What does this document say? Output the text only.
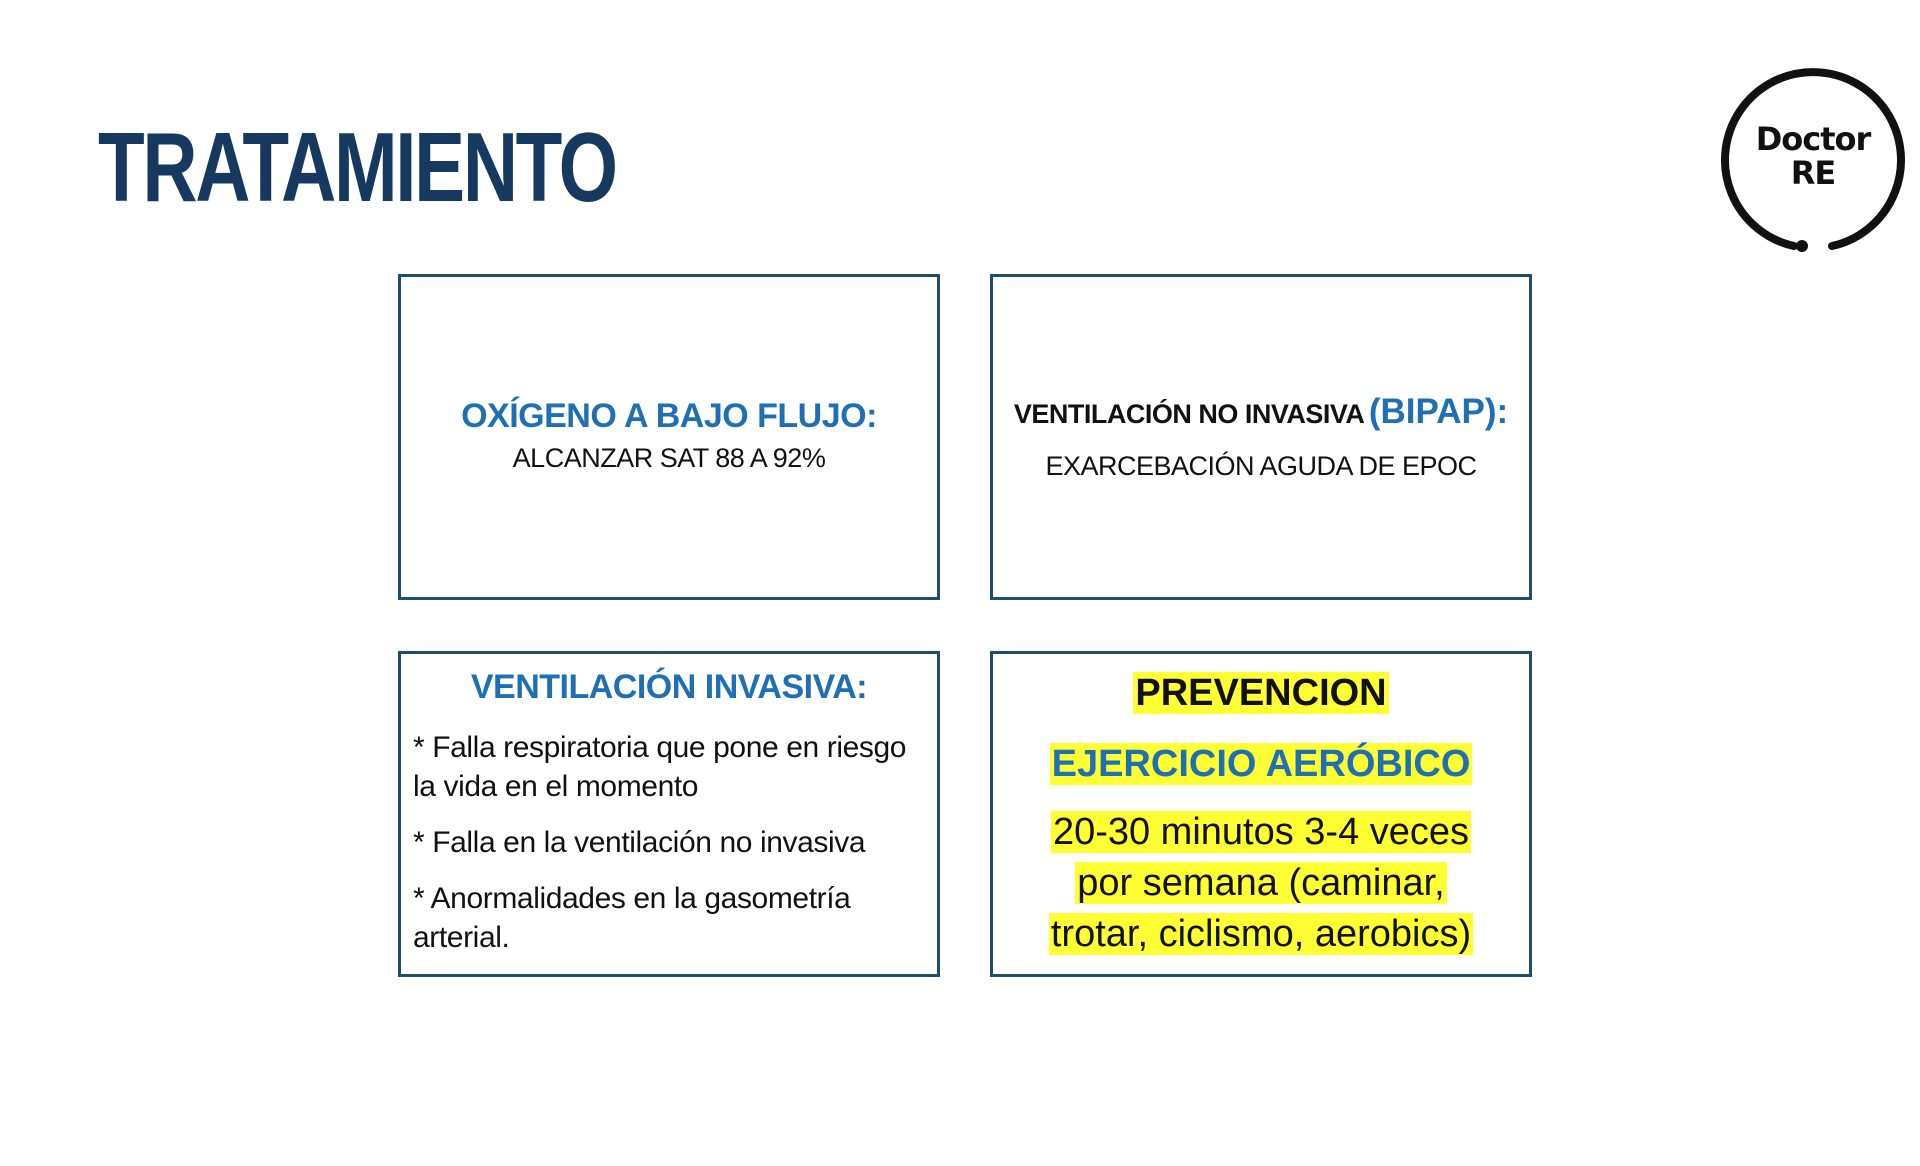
TRATAMIENTO	Doctor
RE
OXÍGENO A BAJO FLUJO:
ALCANZAR SAT 88 A 92%
VENTILACIÓN NO INVASIVA (BIPAP):
EXARCEBACIÓN AGUDA DE EPOC
VENTILACIÓN INVASIVA:
* Falla respiratoria que pone en riesgo la vida en el momento
* Falla en la ventilación no invasiva
* Anormalidades en la gasometría arterial.
PREVENCION
EJERCICIO AERÓBICO
20-30 minutos 3-4 veces por semana (caminar, trotar, ciclismo, aerobics)
